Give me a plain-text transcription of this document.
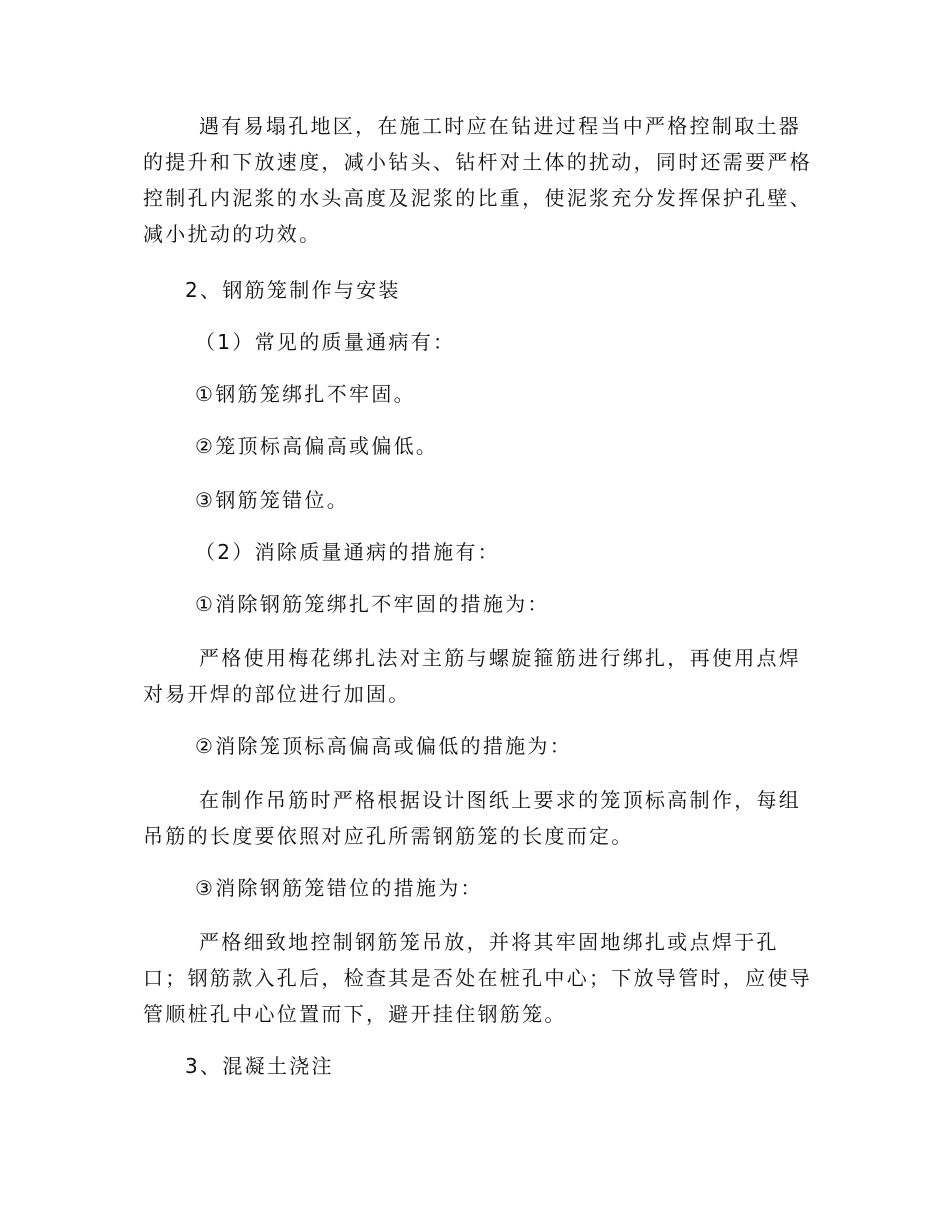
遇有易塌孔地区，在施工时应在钻进过程当中严格控制取土器的提升和下放速度，减小钻头、钻杆对土体的扰动，同时还需要严格控制孔内泥浆的水头高度及泥浆的比重，使泥浆充分发挥保护孔壁、减小扰动的功效。

2、钢筋笼制作与安装

（1）常见的质量通病有：

①钢筋笼绑扎不牢固。

②笼顶标高偏高或偏低。

③钢筋笼错位。

（2）消除质量通病的措施有：

①消除钢筋笼绑扎不牢固的措施为：

严格使用梅花绑扎法对主筋与螺旋箍筋进行绑扎，再使用点焊对易开焊的部位进行加固。

②消除笼顶标高偏高或偏低的措施为：

在制作吊筋时严格根据设计图纸上要求的笼顶标高制作，每组吊筋的长度要依照对应孔所需钢筋笼的长度而定。

③消除钢筋笼错位的措施为：

严格细致地控制钢筋笼吊放，并将其牢固地绑扎或点焊于孔口；钢筋款入孔后，检查其是否处在桩孔中心；下放导管时，应使导管顺桩孔中心位置而下，避开挂住钢筋笼。

3、混凝土浇注
